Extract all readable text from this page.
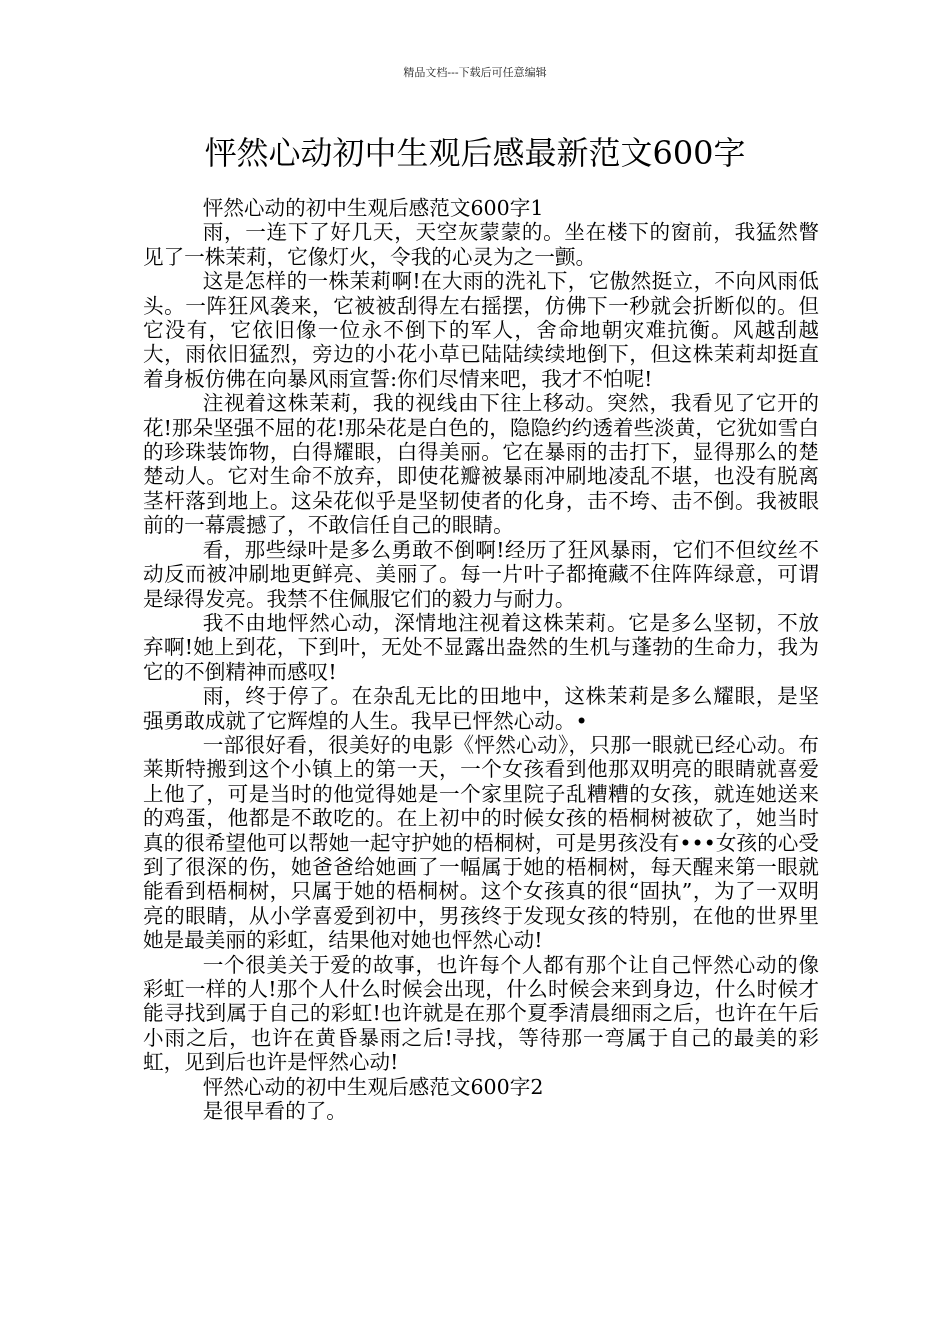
精品文档---下载后可任意编辑
怦然心动初中生观后感最新范文600字

怦然心动的初中生观后感范文600字1

雨，一连下了好几天，天空灰蒙蒙的。坐在楼下的窗前，我猛然瞥见了一株茉莉，它像灯火，令我的心灵为之一颤。

这是怎样的一株茉莉啊!在大雨的洗礼下，它傲然挺立，不向风雨低头。一阵狂风袭来，它被被刮得左右摇摆，仿佛下一秒就会折断似的。但它没有，它依旧像一位永不倒下的军人，舍命地朝灾难抗衡。风越刮越大，雨依旧猛烈，旁边的小花小草已陆陆续续地倒下，但这株茉莉却挺直着身板仿佛在向暴风雨宣誓:你们尽情来吧，我才不怕呢!

注视着这株茉莉，我的视线由下往上移动。突然，我看见了它开的花!那朵坚强不屈的花!那朵花是白色的，隐隐约约透着些淡黄，它犹如雪白的珍珠装饰物，白得耀眼，白得美丽。它在暴雨的击打下，显得那么的楚楚动人。它对生命不放弃，即使花瓣被暴雨冲刷地凌乱不堪，也没有脱离茎杆落到地上。这朵花似乎是坚韧使者的化身，击不垮、击不倒。我被眼前的一幕震撼了，不敢信任自己的眼睛。

看，那些绿叶是多么勇敢不倒啊!经历了狂风暴雨，它们不但纹丝不动反而被冲刷地更鲜亮、美丽了。每一片叶子都掩藏不住阵阵绿意，可谓是绿得发亮。我禁不住佩服它们的毅力与耐力。

我不由地怦然心动，深情地注视着这株茉莉。它是多么坚韧，不放弃啊!她上到花，下到叶，无处不显露出盎然的生机与蓬勃的生命力，我为它的不倒精神而感叹!

雨，终于停了。在杂乱无比的田地中，这株茉莉是多么耀眼，是坚强勇敢成就了它辉煌的人生。我早已怦然心动。•

一部很好看，很美好的电影《怦然心动》，只那一眼就已经心动。布莱斯特搬到这个小镇上的第一天，一个女孩看到他那双明亮的眼睛就喜爱上他了，可是当时的他觉得她是一个家里院子乱糟糟的女孩，就连她送来的鸡蛋，他都是不敢吃的。在上初中的时候女孩的梧桐树被砍了，她当时真的很希望他可以帮她一起守护她的梧桐树，可是男孩没有•••女孩的心受到了很深的伤，她爸爸给她画了一幅属于她的梧桐树，每天醒来第一眼就能看到梧桐树，只属于她的梧桐树。这个女孩真的很“固执”，为了一双明亮的眼睛，从小学喜爱到初中，男孩终于发现女孩的特别，在他的世界里她是最美丽的彩虹，结果他对她也怦然心动!

一个很美关于爱的故事，也许每个人都有那个让自己怦然心动的像彩虹一样的人!那个人什么时候会出现，什么时候会来到身边，什么时候才能寻找到属于自己的彩虹!也许就是在那个夏季清晨细雨之后，也许在午后小雨之后，也许在黄昏暴雨之后!寻找，等待那一弯属于自己的最美的彩虹，见到后也许是怦然心动!

怦然心动的初中生观后感范文600字2

是很早看的了。
